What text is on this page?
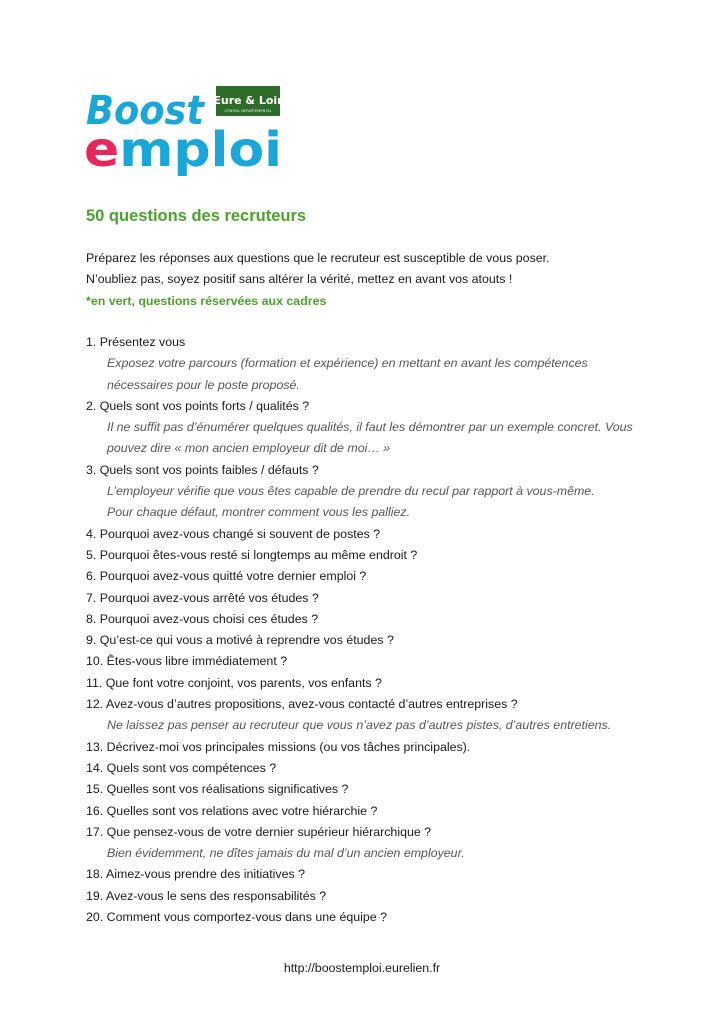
Boost Eure & Loir
CONSEIL DÉPARTEMENTAL
emploi
50 questions des recruteurs
Préparez les réponses aux questions que le recruteur est susceptible de vous poser.
N’oubliez pas, soyez positif sans altérer la vérité, mettez en avant vos atouts !
*en vert, questions réservées aux cadres
1. Présentez vous
Exposez votre parcours (formation et expérience) en mettant en avant les compétences
nécessaires pour le poste proposé.
2. Quels sont vos points forts / qualités ?
Il ne suffit pas d’énumérer quelques qualités, il faut les démontrer par un exemple concret. Vous
pouvez dire « mon ancien employeur dit de moi… »
3. Quels sont vos points faibles / défauts ?
L’employeur vérifie que vous êtes capable de prendre du recul par rapport à vous-même.
Pour chaque défaut, montrer comment vous les palliez.
4. Pourquoi avez-vous changé si souvent de postes ?
5. Pourquoi êtes-vous resté si longtemps au même endroit ?
6. Pourquoi avez-vous quitté votre dernier emploi ?
7. Pourquoi avez-vous arrêté vos études ?
8. Pourquoi avez-vous choisi ces études ?
9. Qu’est-ce qui vous a motivé à reprendre vos études ?
10. Êtes-vous libre immédiatement ?
11. Que font votre conjoint, vos parents, vos enfants ?
12. Avez-vous d’autres propositions, avez-vous contacté d’autres entreprises ?
Ne laissez pas penser au recruteur que vous n’avez pas d’autres pistes, d’autres entretiens.
13. Décrivez-moi vos principales missions (ou vos tâches principales).
14. Quels sont vos compétences ?
15. Quelles sont vos réalisations significatives ?
16. Quelles sont vos relations avec votre hiérarchie ?
17. Que pensez-vous de votre dernier supérieur hiérarchique ?
Bien évidemment, ne dîtes jamais du mal d’un ancien employeur.
18. Aimez-vous prendre des initiatives ?
19. Avez-vous le sens des responsabilités ?
20. Comment vous comportez-vous dans une équipe ?
http://boostemploi.eurelien.fr
